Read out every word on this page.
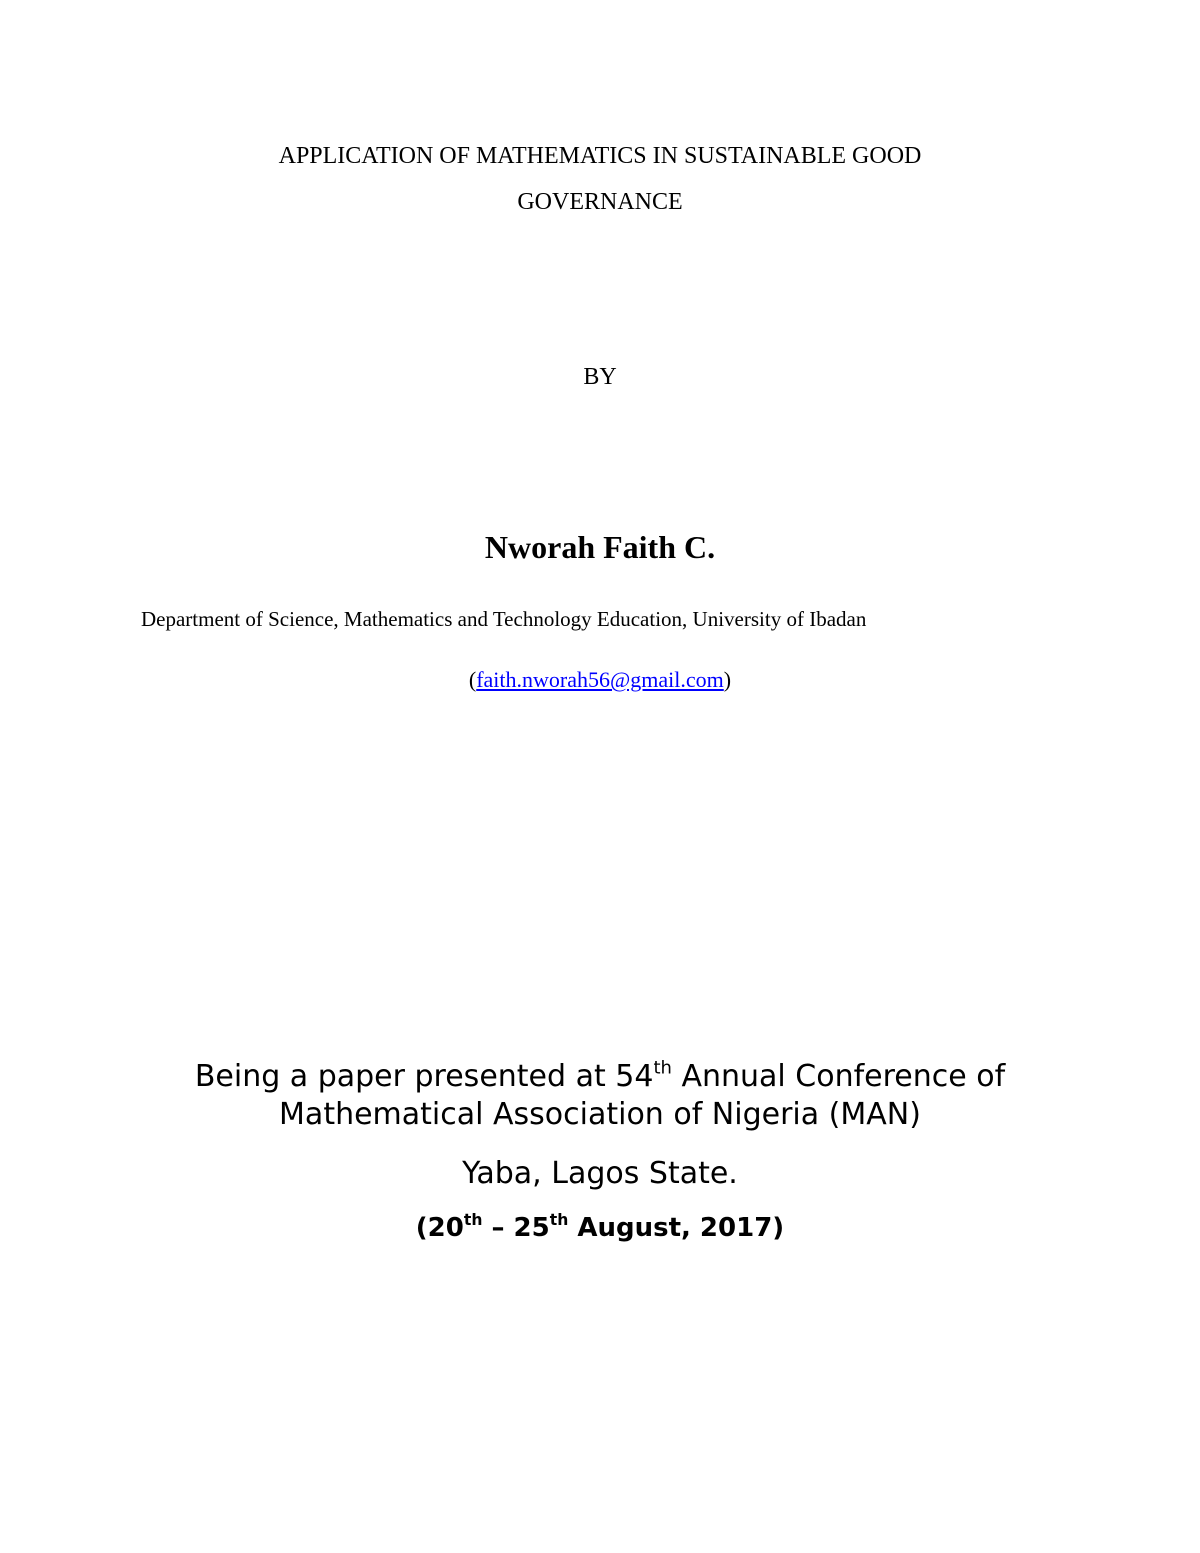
APPLICATION OF MATHEMATICS IN SUSTAINABLE GOOD

GOVERNANCE

BY

Nworah Faith C.

Department of Science, Mathematics and Technology Education, University of Ibadan

(faith.nworah56@gmail.com)

Being a paper presented at 54th Annual Conference of

Mathematical Association of Nigeria (MAN)

Yaba, Lagos State.

(20th – 25th August, 2017)
